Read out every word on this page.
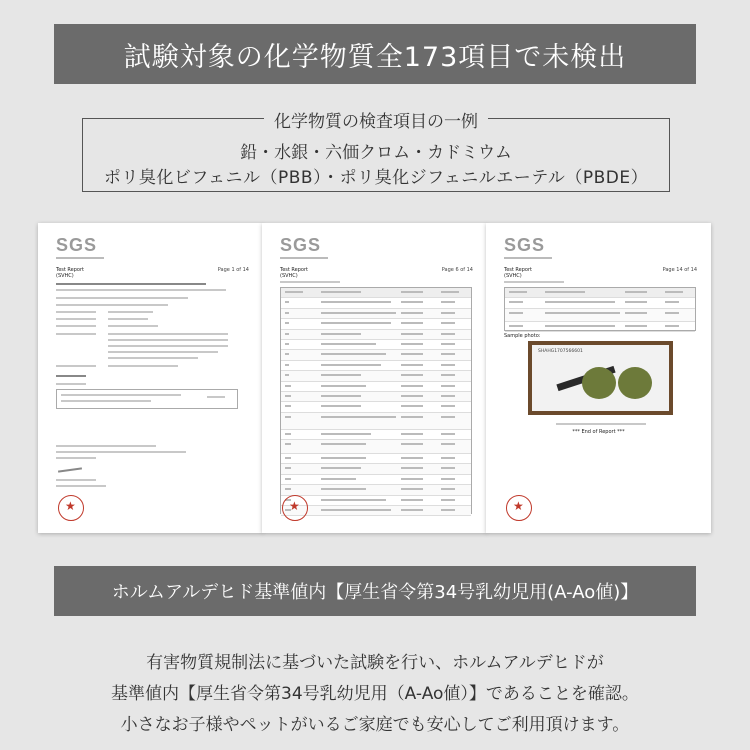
試験対象の化学物質全173項目で未検出
化学物質の検査項目の一例
鉛・水銀・六価クロム・カドミウム
ポリ臭化ビフェニル（PBB）・ポリ臭化ジフェニルエーテル（PBDE）
SGS
Test Report
(SVHC)
Page 1 of 14
★
SGS
Test Report
(SVHC)
Page 6 of 14
★
SGS
Test Report
(SVHC)
Page 14 of 14
Sample photo:
SHAHG1707566601
*** End of Report ***
★
ホルムアルデヒド基準値内【厚生省令第34号乳幼児用(A-Ao値)】
有害物質規制法に基づいた試験を行い、ホルムアルデヒドが
基準値内【厚生省令第34号乳幼児用（A-Ao値）】であることを確認。
小さなお子様やペットがいるご家庭でも安心してご利用頂けます。
